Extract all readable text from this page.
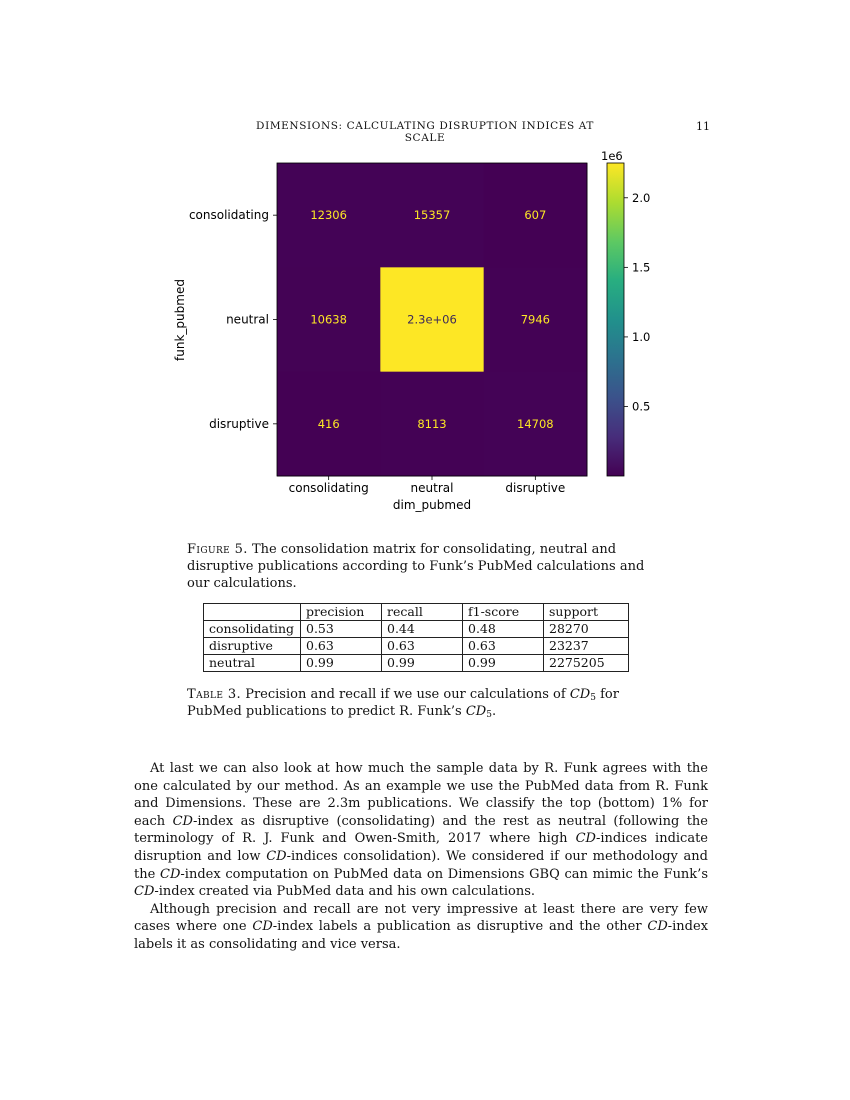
DIMENSIONS: CALCULATING DISRUPTION INDICES AT SCALE
11
12306	15357	607
10638	2.3e+06	7946
416	8113	14708
consolidating
neutral
disruptive
consolidating	neutral	disruptive
dim_pubmed
funk_pubmed
0.5
1.0
1.5
2.0
1e6
Figure 5. The consolidation matrix for consolidating, neutral and disruptive publications according to Funk’s PubMed calculations and our calculations.
	precision	recall	f1-score	support
consolidating	0.53	0.44	0.48	28270
disruptive	0.63	0.63	0.63	23237
neutral	0.99	0.99	0.99	2275205
Table 3. Precision and recall if we use our calculations of $CD_5$ for PubMed publications to predict R. Funk’s $CD_5$.

At last we can also look at how much the sample data by R. Funk agrees with the one calculated by our method. As an example we use the PubMed data from R. Funk and Dimensions. These are 2.3m publications. We classify the top (bottom) 1% for each CD-index as disruptive (consolidating) and the rest as neutral (following the terminology of R. J. Funk and Owen-Smith, 2017 where high CD-indices indicate disruption and low CD-indices consolidation). We considered if our methodology and the CD-index computation on PubMed data on Dimensions GBQ can mimic the Funk’s CD-index created via PubMed data and his own calculations.

Although precision and recall are not very impressive at least there are very few cases where one CD-index labels a publication as disruptive and the other CD-index labels it as consolidating and vice versa.
